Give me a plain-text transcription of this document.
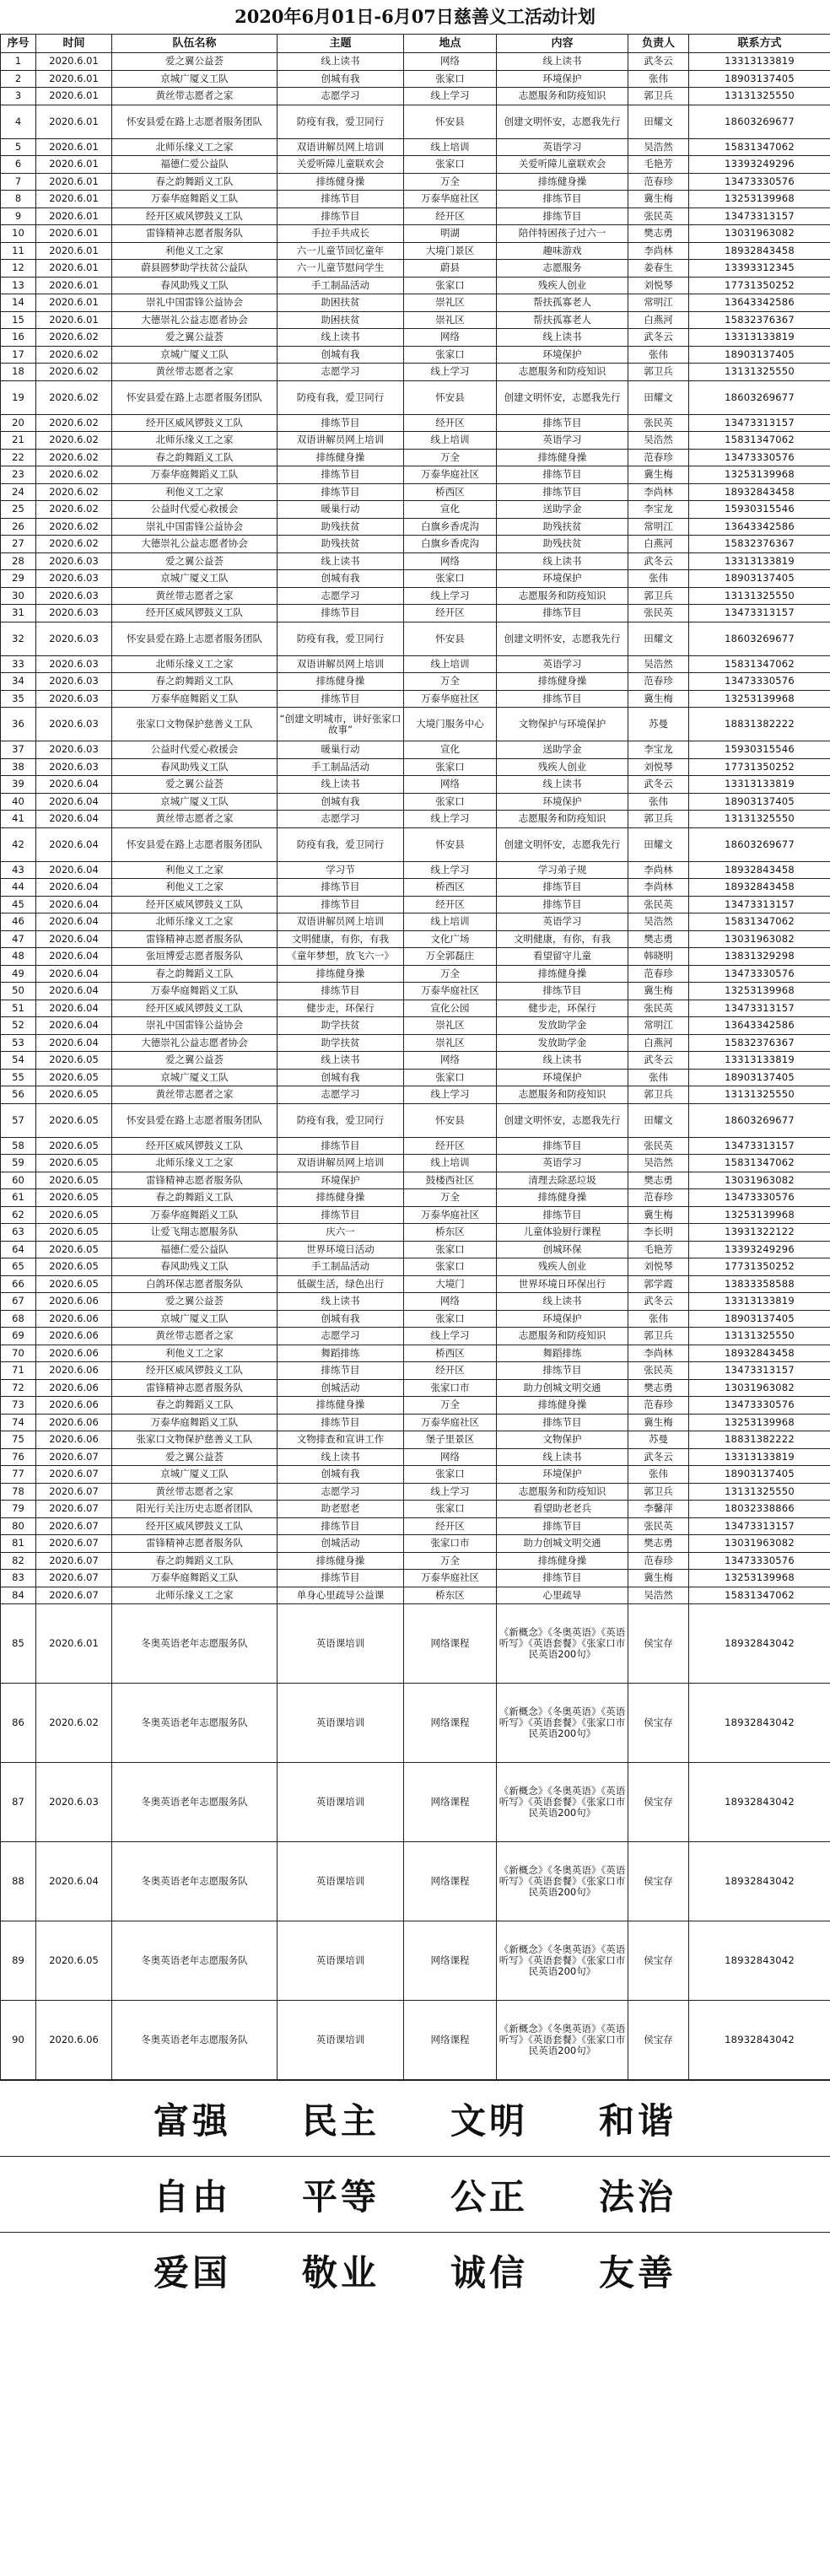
2020年6月01日-6月07日慈善义工活动计划
序号	时间	队伍名称	主题	地点	内容	负责人	联系方式
1	2020.6.01	爱之翼公益荟	线上读书	网络	线上读书	武冬云	13313133819
2	2020.6.01	京城广厦义工队	创城有我	张家口	环境保护	张伟	18903137405
3	2020.6.01	黄丝带志愿者之家	志愿学习	线上学习	志愿服务和防疫知识	郭卫兵	13131325550
4	2020.6.01	怀安县爱在路上志愿者服务团队	防疫有我，爱卫同行	怀安县	创建文明怀安，志愿我先行	田耀文	18603269677
5	2020.6.01	北师乐缘义工之家	双语讲解员网上培训	线上培训	英语学习	吴浩然	15831347062
6	2020.6.01	福德仁爱公益队	关爱听障儿童联欢会	张家口	关爱听障儿童联欢会	毛艳芳	13393249296
7	2020.6.01	春之韵舞蹈义工队	排练健身操	万全	排练健身操	范春珍	13473330576
8	2020.6.01	万泰华庭舞蹈义工队	排练节目	万泰华庭社区	排练节目	冀生梅	13253139968
9	2020.6.01	经开区威风锣鼓义工队	排练节目	经开区	排练节目	张民英	13473313157
10	2020.6.01	雷锋精神志愿者服务队	手拉手共成长	明湖	陪伴特困孩子过六一	樊志勇	13031963082
11	2020.6.01	利他义工之家	六一儿童节回忆童年	大境门景区	趣味游戏	李尚林	18932843458
12	2020.6.01	蔚县圆梦助学扶贫公益队	六一儿童节慰问学生	蔚县	志愿服务	姜春生	13393312345
13	2020.6.01	春风助残义工队	手工制品活动	张家口	残疾人创业	刘悦琴	17731350252
14	2020.6.01	崇礼中国雷锋公益协会	助困扶贫	崇礼区	帮扶孤寡老人	常明江	13643342586
15	2020.6.01	大德崇礼公益志愿者协会	助困扶贫	崇礼区	帮扶孤寡老人	白燕河	15832376367
16	2020.6.02	爱之翼公益荟	线上读书	网络	线上读书	武冬云	13313133819
17	2020.6.02	京城广厦义工队	创城有我	张家口	环境保护	张伟	18903137405
18	2020.6.02	黄丝带志愿者之家	志愿学习	线上学习	志愿服务和防疫知识	郭卫兵	13131325550
19	2020.6.02	怀安县爱在路上志愿者服务团队	防疫有我，爱卫同行	怀安县	创建文明怀安，志愿我先行	田耀文	18603269677
20	2020.6.02	经开区威风锣鼓义工队	排练节目	经开区	排练节目	张民英	13473313157
21	2020.6.02	北师乐缘义工之家	双语讲解员网上培训	线上培训	英语学习	吴浩然	15831347062
22	2020.6.02	春之韵舞蹈义工队	排练健身操	万全	排练健身操	范春珍	13473330576
23	2020.6.02	万泰华庭舞蹈义工队	排练节目	万泰华庭社区	排练节目	冀生梅	13253139968
24	2020.6.02	利他义工之家	排练节目	桥西区	排练节目	李尚林	18932843458
25	2020.6.02	公益时代爱心救援会	暖巢行动	宣化	送助学金	李宝龙	15930315546
26	2020.6.02	崇礼中国雷锋公益协会	助残扶贫	白旗乡香虎沟	助残扶贫	常明江	13643342586
27	2020.6.02	大德崇礼公益志愿者协会	助残扶贫	白旗乡香虎沟	助残扶贫	白燕河	15832376367
28	2020.6.03	爱之翼公益荟	线上读书	网络	线上读书	武冬云	13313133819
29	2020.6.03	京城广厦义工队	创城有我	张家口	环境保护	张伟	18903137405
30	2020.6.03	黄丝带志愿者之家	志愿学习	线上学习	志愿服务和防疫知识	郭卫兵	13131325550
31	2020.6.03	经开区威风锣鼓义工队	排练节目	经开区	排练节目	张民英	13473313157
32	2020.6.03	怀安县爱在路上志愿者服务团队	防疫有我，爱卫同行	怀安县	创建文明怀安，志愿我先行	田耀文	18603269677
33	2020.6.03	北师乐缘义工之家	双语讲解员网上培训	线上培训	英语学习	吴浩然	15831347062
34	2020.6.03	春之韵舞蹈义工队	排练健身操	万全	排练健身操	范春珍	13473330576
35	2020.6.03	万泰华庭舞蹈义工队	排练节目	万泰华庭社区	排练节目	冀生梅	13253139968
36	2020.6.03	张家口文物保护慈善义工队	“创建文明城市，讲好张家口故事”	大境门服务中心	文物保护与环境保护	苏曼	18831382222
37	2020.6.03	公益时代爱心救援会	暖巢行动	宣化	送助学金	李宝龙	15930315546
38	2020.6.03	春风助残义工队	手工制品活动	张家口	残疾人创业	刘悦琴	17731350252
39	2020.6.04	爱之翼公益荟	线上读书	网络	线上读书	武冬云	13313133819
40	2020.6.04	京城广厦义工队	创城有我	张家口	环境保护	张伟	18903137405
41	2020.6.04	黄丝带志愿者之家	志愿学习	线上学习	志愿服务和防疫知识	郭卫兵	13131325550
42	2020.6.04	怀安县爱在路上志愿者服务团队	防疫有我，爱卫同行	怀安县	创建文明怀安，志愿我先行	田耀文	18603269677
43	2020.6.04	利他义工之家	学习节	线上学习	学习弟子规	李尚林	18932843458
44	2020.6.04	利他义工之家	排练节目	桥西区	排练节目	李尚林	18932843458
45	2020.6.04	经开区威风锣鼓义工队	排练节目	经开区	排练节目	张民英	13473313157
46	2020.6.04	北师乐缘义工之家	双语讲解员网上培训	线上培训	英语学习	吴浩然	15831347062
47	2020.6.04	雷锋精神志愿者服务队	文明健康，有你，有我	文化广场	文明健康，有你，有我	樊志勇	13031963082
48	2020.6.04	张垣博爱志愿者服务队	《童年梦想，放飞六一》	万全郭磊庄	看望留守儿童	韩晓明	13831329298
49	2020.6.04	春之韵舞蹈义工队	排练健身操	万全	排练健身操	范春珍	13473330576
50	2020.6.04	万泰华庭舞蹈义工队	排练节目	万泰华庭社区	排练节目	冀生梅	13253139968
51	2020.6.04	经开区威风锣鼓义工队	健步走，环保行	宣化公园	健步走，环保行	张民英	13473313157
52	2020.6.04	崇礼中国雷锋公益协会	助学扶贫	崇礼区	发放助学金	常明江	13643342586
53	2020.6.04	大德崇礼公益志愿者协会	助学扶贫	崇礼区	发放助学金	白燕河	15832376367
54	2020.6.05	爱之翼公益荟	线上读书	网络	线上读书	武冬云	13313133819
55	2020.6.05	京城广厦义工队	创城有我	张家口	环境保护	张伟	18903137405
56	2020.6.05	黄丝带志愿者之家	志愿学习	线上学习	志愿服务和防疫知识	郭卫兵	13131325550
57	2020.6.05	怀安县爱在路上志愿者服务团队	防疫有我，爱卫同行	怀安县	创建文明怀安，志愿我先行	田耀文	18603269677
58	2020.6.05	经开区威风锣鼓义工队	排练节目	经开区	排练节目	张民英	13473313157
59	2020.6.05	北师乐缘义工之家	双语讲解员网上培训	线上培训	英语学习	吴浩然	15831347062
60	2020.6.05	雷锋精神志愿者服务队	环境保护	鼓楼西社区	清理去除恶垃圾	樊志勇	13031963082
61	2020.6.05	春之韵舞蹈义工队	排练健身操	万全	排练健身操	范春珍	13473330576
62	2020.6.05	万泰华庭舞蹈义工队	排练节目	万泰华庭社区	排练节目	冀生梅	13253139968
63	2020.6.05	让爱飞翔志愿服务队	庆六一	桥东区	儿童体验厨行课程	李长明	13931322122
64	2020.6.05	福德仁爱公益队	世界环境日活动	张家口	创城环保	毛艳芳	13393249296
65	2020.6.05	春风助残义工队	手工制品活动	张家口	残疾人创业	刘悦琴	17731350252
66	2020.6.05	白鸽环保志愿者服务队	低碳生活，绿色出行	大境门	世界环境日环保出行	郭学霞	13833358588
67	2020.6.06	爱之翼公益荟	线上读书	网络	线上读书	武冬云	13313133819
68	2020.6.06	京城广厦义工队	创城有我	张家口	环境保护	张伟	18903137405
69	2020.6.06	黄丝带志愿者之家	志愿学习	线上学习	志愿服务和防疫知识	郭卫兵	13131325550
70	2020.6.06	利他义工之家	舞蹈排练	桥西区	舞蹈排练	李尚林	18932843458
71	2020.6.06	经开区威风锣鼓义工队	排练节目	经开区	排练节目	张民英	13473313157
72	2020.6.06	雷锋精神志愿者服务队	创城活动	张家口市	助力创城文明交通	樊志勇	13031963082
73	2020.6.06	春之韵舞蹈义工队	排练健身操	万全	排练健身操	范春珍	13473330576
74	2020.6.06	万泰华庭舞蹈义工队	排练节目	万泰华庭社区	排练节目	冀生梅	13253139968
75	2020.6.06	张家口文物保护慈善义工队	文物排查和宣讲工作	堡子里景区	文物保护	苏曼	18831382222
76	2020.6.07	爱之翼公益荟	线上读书	网络	线上读书	武冬云	13313133819
77	2020.6.07	京城广厦义工队	创城有我	张家口	环境保护	张伟	18903137405
78	2020.6.07	黄丝带志愿者之家	志愿学习	线上学习	志愿服务和防疫知识	郭卫兵	13131325550
79	2020.6.07	阳光行关注历史志愿者团队	助老慰老	张家口	看望助老老兵	李馨萍	18032338866
80	2020.6.07	经开区威风锣鼓义工队	排练节目	经开区	排练节目	张民英	13473313157
81	2020.6.07	雷锋精神志愿者服务队	创城活动	张家口市	助力创城文明交通	樊志勇	13031963082
82	2020.6.07	春之韵舞蹈义工队	排练健身操	万全	排练健身操	范春珍	13473330576
83	2020.6.07	万泰华庭舞蹈义工队	排练节目	万泰华庭社区	排练节目	冀生梅	13253139968
84	2020.6.07	北师乐缘义工之家	单身心里疏导公益课	桥东区	心里疏导	吴浩然	15831347062
85	2020.6.01	冬奥英语老年志愿服务队	英语课培训	网络课程	《新概念》《冬奥英语》《英语听写》《英语套餐》《张家口市民英语200句》	侯宝存	18932843042
86	2020.6.02	冬奥英语老年志愿服务队	英语课培训	网络课程	《新概念》《冬奥英语》《英语听写》《英语套餐》《张家口市民英语200句》	侯宝存	18932843042
87	2020.6.03	冬奥英语老年志愿服务队	英语课培训	网络课程	《新概念》《冬奥英语》《英语听写》《英语套餐》《张家口市民英语200句》	侯宝存	18932843042
88	2020.6.04	冬奥英语老年志愿服务队	英语课培训	网络课程	《新概念》《冬奥英语》《英语听写》《英语套餐》《张家口市民英语200句》	侯宝存	18932843042
89	2020.6.05	冬奥英语老年志愿服务队	英语课培训	网络课程	《新概念》《冬奥英语》《英语听写》《英语套餐》《张家口市民英语200句》	侯宝存	18932843042
90	2020.6.06	冬奥英语老年志愿服务队	英语课培训	网络课程	《新概念》《冬奥英语》《英语听写》《英语套餐》《张家口市民英语200句》	侯宝存	18932843042
富强 民主 文明 和谐
自由 平等 公正 法治
爱国 敬业 诚信 友善
